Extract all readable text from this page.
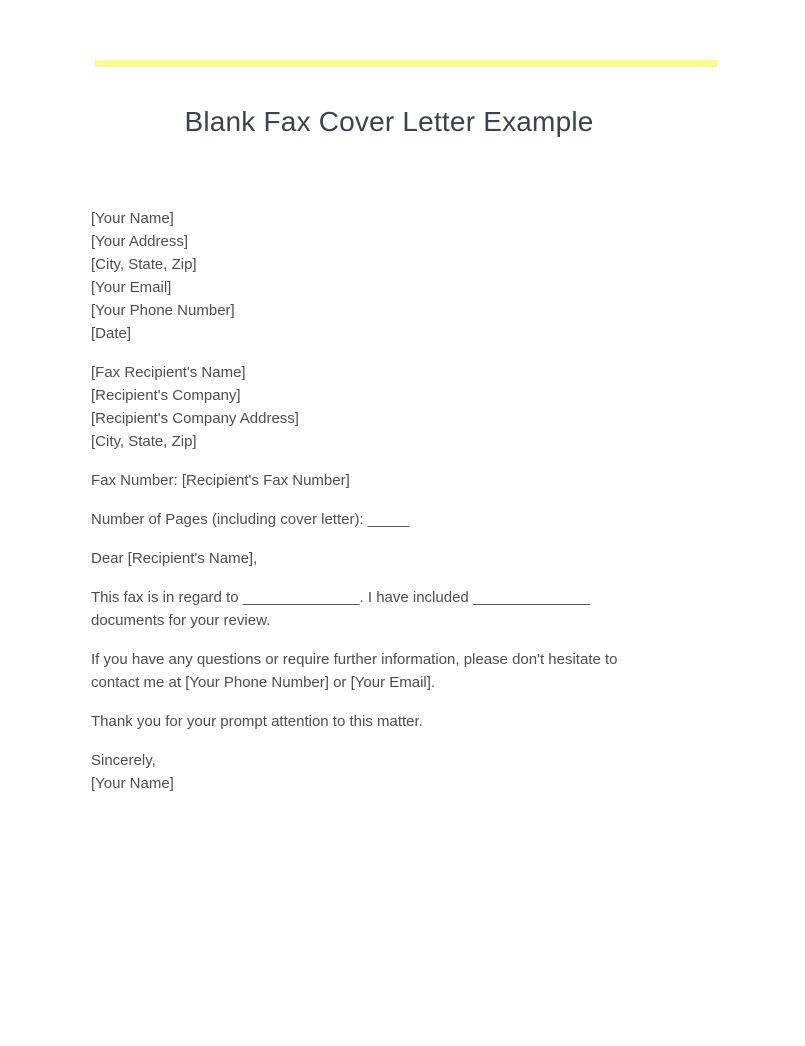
Blank Fax Cover Letter Example
[Your Name]
[Your Address]
[City, State, Zip]
[Your Email]
[Your Phone Number]
[Date]
[Fax Recipient's Name]
[Recipient's Company]
[Recipient's Company Address]
[City, State, Zip]
Fax Number: [Recipient's Fax Number]
Number of Pages (including cover letter): _____
Dear [Recipient's Name],
This fax is in regard to ______________. I have included ______________
documents for your review.
If you have any questions or require further information, please don't hesitate to
contact me at [Your Phone Number] or [Your Email].
Thank you for your prompt attention to this matter.
Sincerely,
[Your Name]
